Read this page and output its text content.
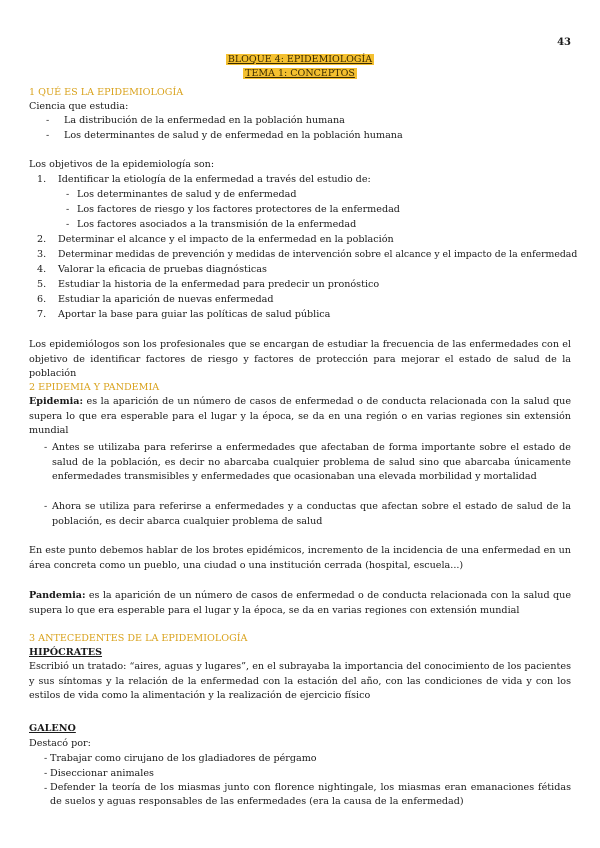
43
BLOQUE 4: EPIDEMIOLOGÍA
TEMA 1: CONCEPTOS
1 QUÉ ES LA EPIDEMIOLOGÍA
Ciencia que estudia:
- La distribución de la enfermedad en la población humana
- Los determinantes de salud y de enfermedad en la población humana
Los objetivos de la epidemiología son:
1. Identificar la etiología de la enfermedad a través del estudio de:
- Los determinantes de salud y de enfermedad
- Los factores de riesgo y los factores protectores de la enfermedad
- Los factores asociados a la transmisión de la enfermedad
2. Determinar el alcance y el impacto de la enfermedad en la población
3. Determinar medidas de prevención y medidas de intervención sobre el alcance y el impacto de la enfermedad
4. Valorar la eficacia de pruebas diagnósticas
5. Estudiar la historia de la enfermedad para predecir un pronóstico
6. Estudiar la aparición de nuevas enfermedad
7. Aportar la base para guiar las políticas de salud pública
Los epidemiólogos son los profesionales que se encargan de estudiar la frecuencia de las enfermedades con el objetivo de identificar factores de riesgo y factores de protección para mejorar el estado de salud de la población
2 EPIDEMIA Y PANDEMIA
Epidemia: es la aparición de un número de casos de enfermedad o de conducta relacionada con la salud que supera lo que era esperable para el lugar y la época, se da en una región o en varias regiones sin extensión mundial
- Antes se utilizaba para referirse a enfermedades que afectaban de forma importante sobre el estado de salud de la población, es decir no abarcaba cualquier problema de salud sino que abarcaba únicamente enfermedades transmisibles y enfermedades que ocasionaban una elevada morbilidad y mortalidad
- Ahora se utiliza para referirse a enfermedades y a conductas que afectan sobre el estado de salud de la población, es decir abarca cualquier problema de salud
En este punto debemos hablar de los brotes epidémicos, incremento de la incidencia de una enfermedad en un área concreta como un pueblo, una ciudad o una institución cerrada (hospital, escuela...)
Pandemia: es la aparición de un número de casos de enfermedad o de conducta relacionada con la salud que supera lo que era esperable para el lugar y la época, se da en varias regiones con extensión mundial
3 ANTECEDENTES DE LA EPIDEMIOLOGÍA
HIPÓCRATES
Escribió un tratado: “aires, aguas y lugares”, en el subrayaba la importancia del conocimiento de los pacientes y sus síntomas y la relación de la enfermedad con la estación del año, con las condiciones de vida y con los estilos de vida como la alimentación y la realización de ejercicio físico
GALENO
Destacó por:
- Trabajar como cirujano de los gladiadores de pérgamo
- Diseccionar animales
- Defender la teoría de los miasmas junto con florence nightingale, los miasmas eran emanaciones fétidas de suelos y aguas responsables de las enfermedades (era la causa de la enfermedad)
